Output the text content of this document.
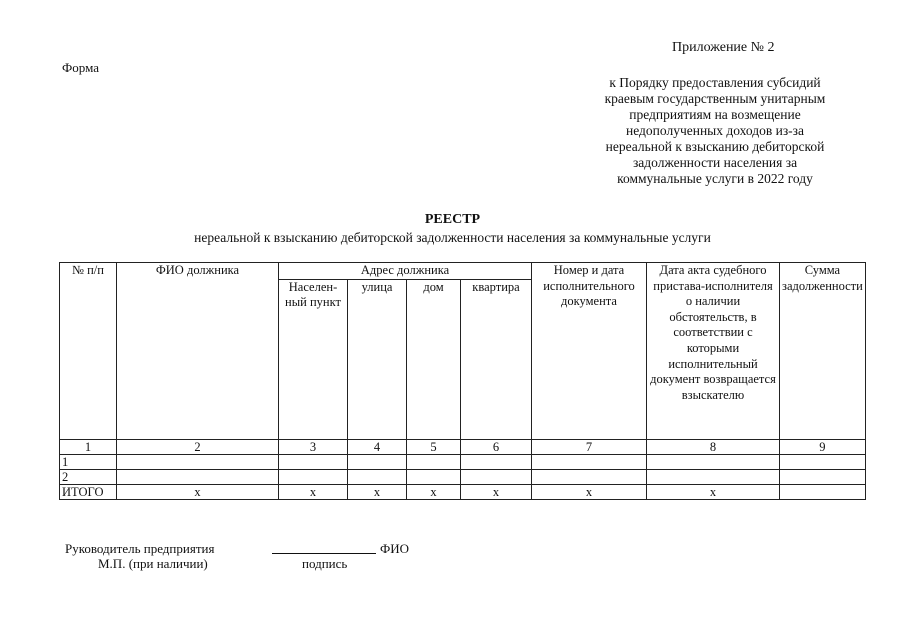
Приложение № 2
Форма
к Порядку предоставления субсидий
краевым государственным унитарным
предприятиям на возмещение
недополученных доходов из-за
нереальной к взысканию дебиторской
задолженности населения за
коммунальные услуги в 2022 году
РЕЕСТР
нереальной к взысканию дебиторской задолженности населения за коммунальные услуги
№ п/п	ФИО должника	Адрес должника				Номер и дата исполнительного документа	Дата акта судебного пристава-исполнителя о наличии обстоятельств, в соответствии с которыми исполнительный документ возвращается взыскателю	Сумма задолженности
		Населен-ный пункт	улица	дом	квартира			
1	2	3	4	5	6	7	8	9
1								
2								
ИТОГО	x	x	x	x	x	x	x	
Руководитель предприятия	ФИО
М.П. (при наличии)	подпись
